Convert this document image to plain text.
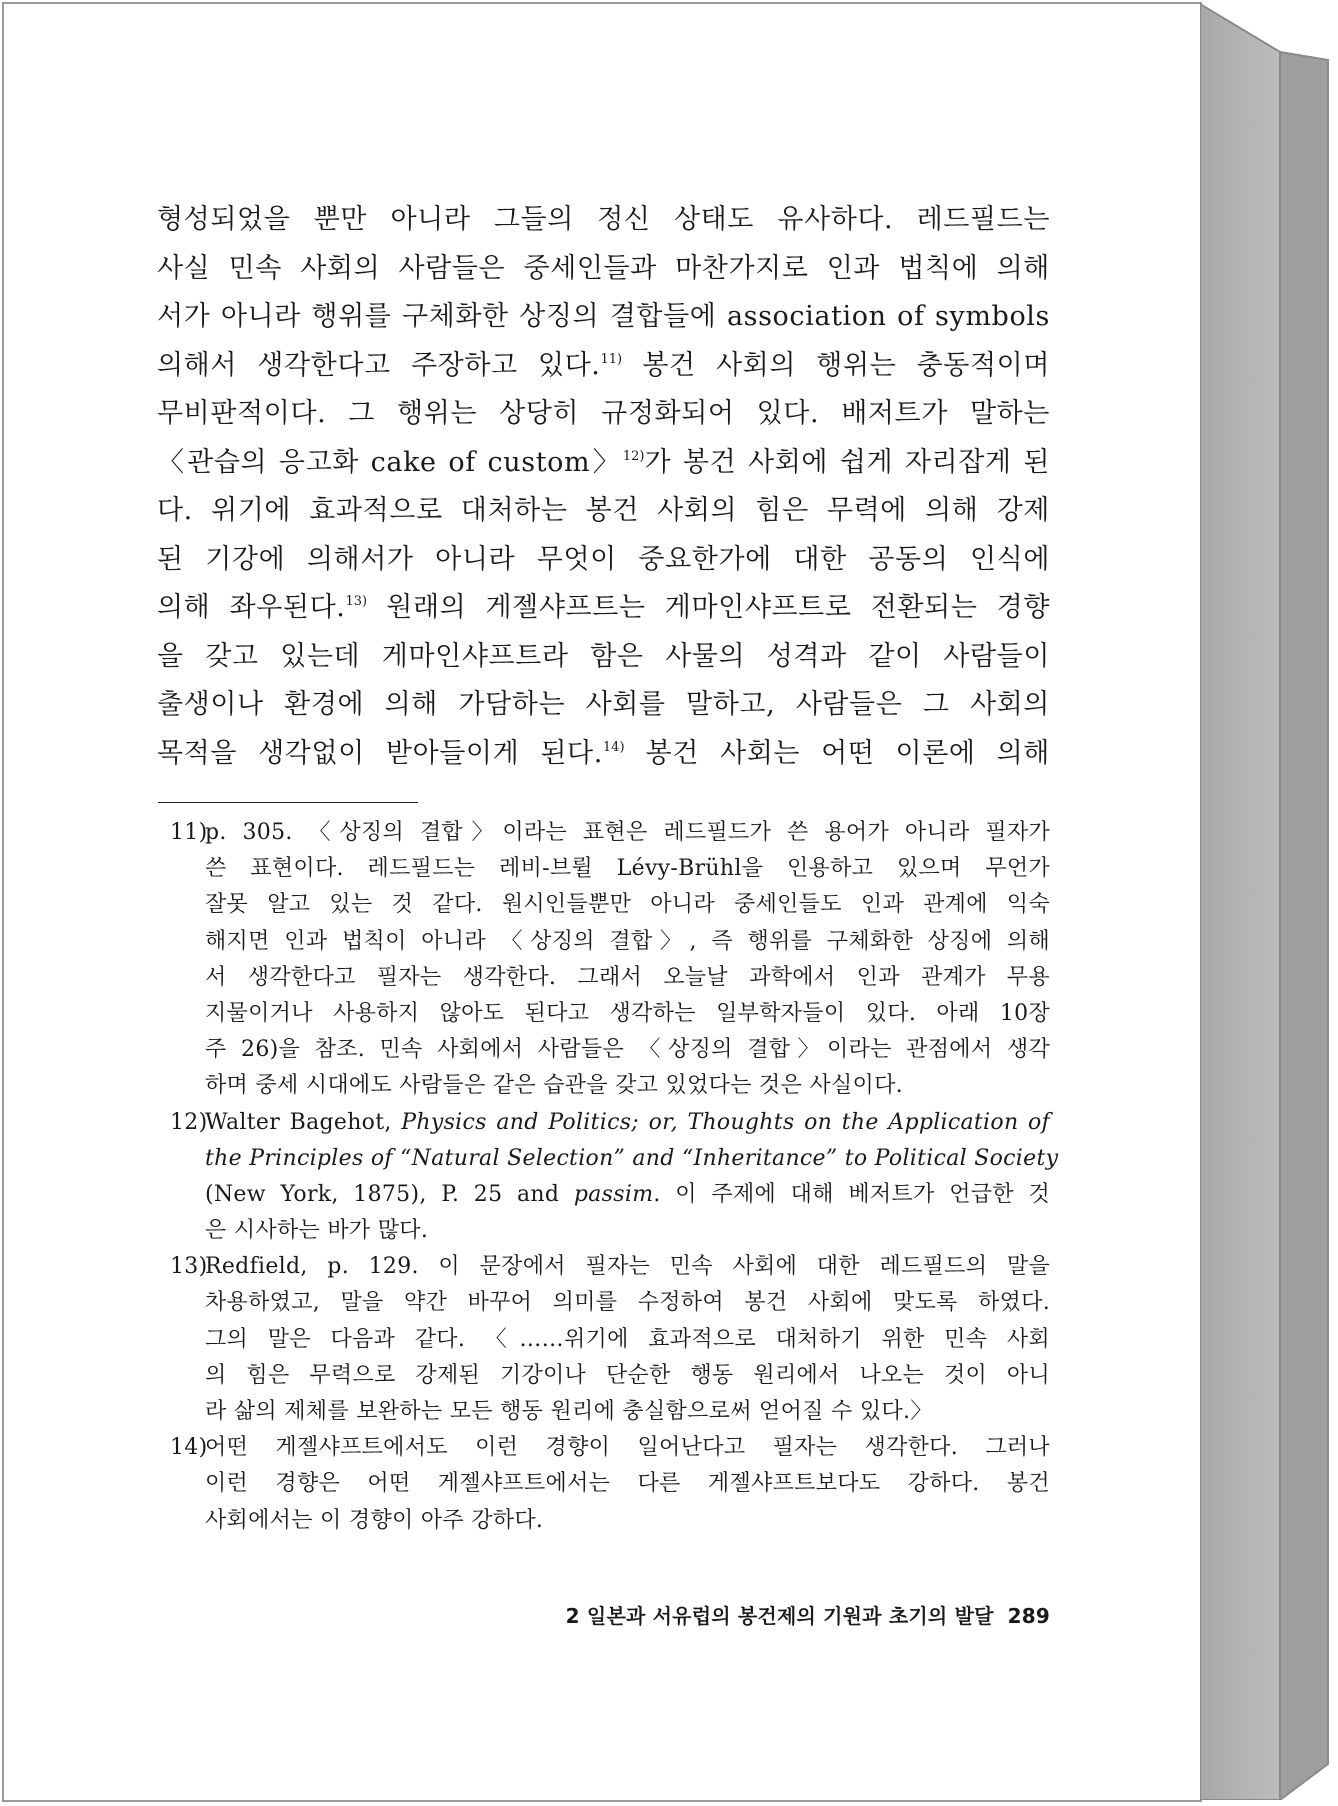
형성되었을 뿐만 아니라 그들의 정신 상태도 유사하다. 레드필드는
사실 민속 사회의 사람들은 중세인들과 마찬가지로 인과 법칙에 의해
서가 아니라 행위를 구체화한 상징의 결합들에 association of symbols
의해서 생각한다고 주장하고 있다.$^{11)}$ 봉건 사회의 행위는 충동적이며
무비판적이다. 그 행위는 상당히 규정화되어 있다. 배저트가 말하는
〈관습의 응고화 cake of custom〉$^{12)}$가 봉건 사회에 쉽게 자리잡게 된
다. 위기에 효과적으로 대처하는 봉건 사회의 힘은 무력에 의해 강제
된 기강에 의해서가 아니라 무엇이 중요한가에 대한 공동의 인식에
의해 좌우된다.$^{13)}$ 원래의 게젤샤프트는 게마인샤프트로 전환되는 경향
을 갖고 있는데 게마인샤프트라 함은 사물의 성격과 같이 사람들이
출생이나 환경에 의해 가담하는 사회를 말하고, 사람들은 그 사회의
목적을 생각없이 받아들이게 된다.$^{14)}$ 봉건 사회는 어떤 이론에 의해
11)
p. 305. 〈상징의 결합〉이라는 표현은 레드필드가 쓴 용어가 아니라 필자가
쓴 표현이다. 레드필드는 레비-브륄 Lévy-Brühl을 인용하고 있으며 무언가
잘못 알고 있는 것 같다. 원시인들뿐만 아니라 중세인들도 인과 관계에 익숙
해지면 인과 법칙이 아니라 〈상징의 결합〉, 즉 행위를 구체화한 상징에 의해
서 생각한다고 필자는 생각한다. 그래서 오늘날 과학에서 인과 관계가 무용
지물이거나 사용하지 않아도 된다고 생각하는 일부학자들이 있다. 아래 10장
주 26)을 참조. 민속 사회에서 사람들은 〈상징의 결합〉이라는 관점에서 생각
하며 중세 시대에도 사람들은 같은 습관을 갖고 있었다는 것은 사실이다.
12)
Walter Bagehot, Physics and Politics; or, Thoughts on the Application of
the Principles of “Natural Selection” and “Inheritance” to Political Society
(New York, 1875), P. 25 and passim. 이 주제에 대해 베저트가 언급한 것
은 시사하는 바가 많다.
13)
Redfield, p. 129. 이 문장에서 필자는 민속 사회에 대한 레드필드의 말을
차용하였고, 말을 약간 바꾸어 의미를 수정하여 봉건 사회에 맞도록 하였다.
그의 말은 다음과 같다. 〈……위기에 효과적으로 대처하기 위한 민속 사회
의 힘은 무력으로 강제된 기강이나 단순한 행동 원리에서 나오는 것이 아니
라 삶의 제체를 보완하는 모든 행동 원리에 충실함으로써 얻어질 수 있다.〉
14)
어떤 게젤샤프트에서도 이런 경향이 일어난다고 필자는 생각한다. 그러나
이런 경향은 어떤 게젤샤프트에서는 다른 게젤샤프트보다도 강하다. 봉건
사회에서는 이 경향이 아주 강하다.
2 일본과 서유럽의 봉건제의 기원과 초기의 발달 289
